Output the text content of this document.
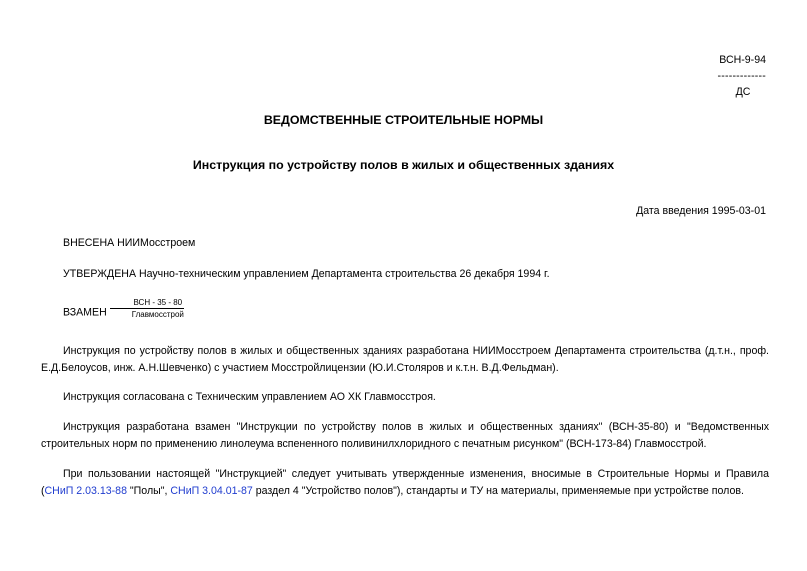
ВСН-9-94
-------------
ДС
ВЕДОМСТВЕННЫЕ СТРОИТЕЛЬНЫЕ НОРМЫ
Инструкция по устройству полов в жилых и общественных зданиях
Дата введения 1995-03-01
ВНЕСЕНА НИИМосстроем
УТВЕРЖДЕНА Научно-техническим управлением Департамента строительства 26 декабря 1994 г.
ВЗАМЕН $\frac{\text{ВСН - 35 - 80}}{\text{Главмосстрой}}$
Инструкция по устройству полов в жилых и общественных зданиях разработана НИИМосстроем Департамента строительства (д.т.н., проф. Е.Д.Белоусов, инж. А.Н.Шевченко) с участием Мосстройлицензии (Ю.И.Столяров и к.т.н. В.Д.Фельдман).
Инструкция согласована с Техническим управлением АО ХК Главмосстроя.
Инструкция разработана взамен "Инструкции по устройству полов в жилых и общественных зданиях" (ВСН-35-80) и "Ведомственных строительных норм по применению линолеума вспененного поливинилхлоридного с печатным рисунком" (ВСН-173-84) Главмосстрой.
При пользовании настоящей "Инструкцией" следует учитывать утвержденные изменения, вносимые в Строительные Нормы и Правила (СНиП 2.03.13-88 "Полы", СНиП 3.04.01-87 раздел 4 "Устройство полов"), стандарты и ТУ на материалы, применяемые при устройстве полов.
